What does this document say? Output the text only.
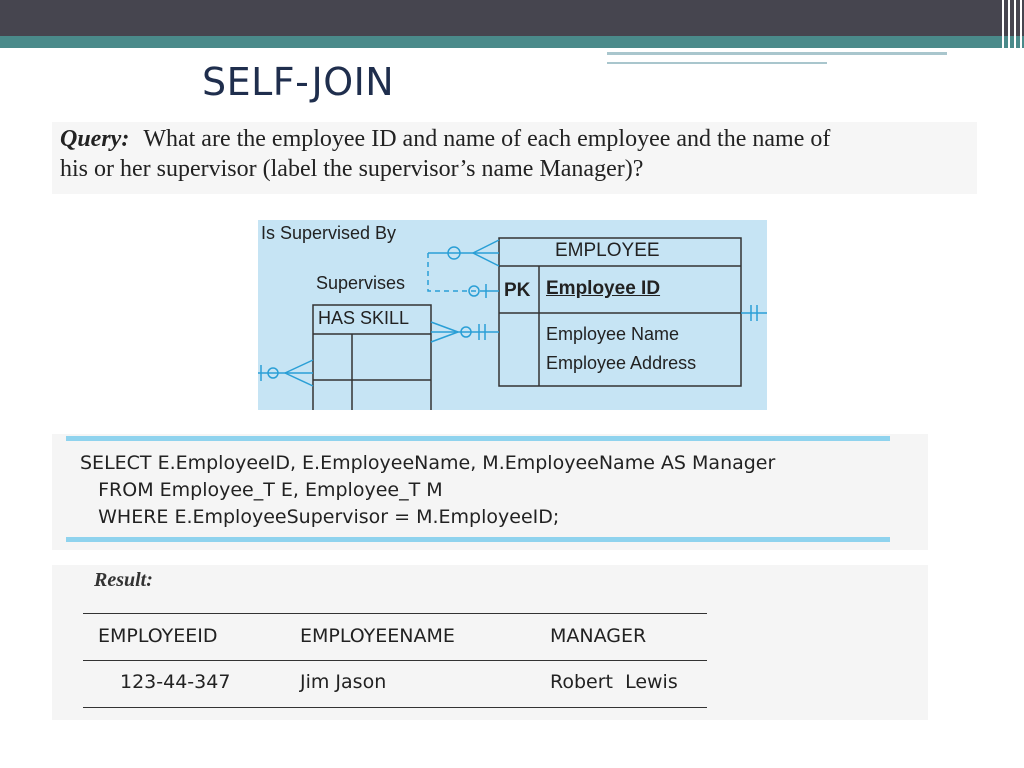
SELF-JOIN
Query: What are the employee ID and name of each employee and the name of
his or her supervisor (label the supervisor’s name Manager)?
Is Supervised By
Supervises
HAS SKILL
EMPLOYEE
PK Employee ID
Employee Name
Employee Address
SELECT E.EmployeeID, E.EmployeeName, M.EmployeeName AS Manager
FROM Employee_T E, Employee_T M
WHERE E.EmployeeSupervisor = M.EmployeeID;
Result:
EMPLOYEEID	EMPLOYEENAME	MANAGER
123-44-347	Jim Jason	Robert  Lewis
